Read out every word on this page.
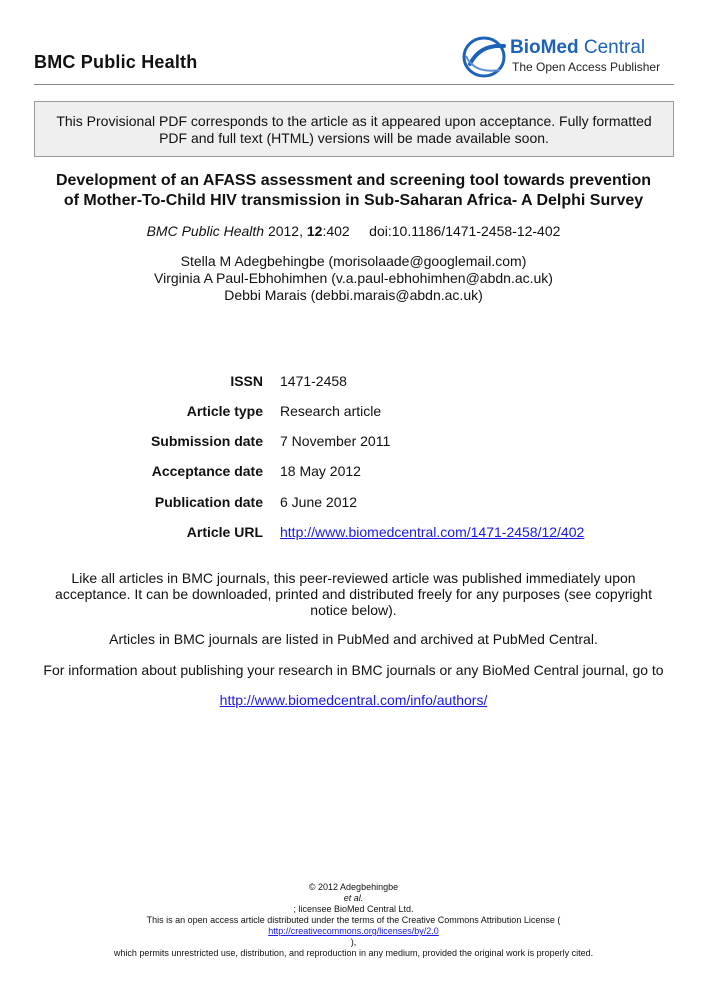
BMC Public Health
BioMed Central
The Open Access Publisher
This Provisional PDF corresponds to the article as it appeared upon acceptance. Fully formatted
PDF and full text (HTML) versions will be made available soon.
Development of an AFASS assessment and screening tool towards prevention
of Mother-To-Child HIV transmission in Sub-Saharan Africa- A Delphi Survey
BMC Public Health 2012, 12:402 doi:10.1186/1471-2458-12-402
Stella M Adegbehingbe (morisolaade@googlemail.com)
Virginia A Paul-Ebhohimhen (v.a.paul-ebhohimhen@abdn.ac.uk)
Debbi Marais (debbi.marais@abdn.ac.uk)
ISSN 1471-2458
Article type Research article
Submission date 7 November 2011
Acceptance date 18 May 2012
Publication date 6 June 2012
Article URL http://www.biomedcentral.com/1471-2458/12/402
Like all articles in BMC journals, this peer-reviewed article was published immediately upon
acceptance. It can be downloaded, printed and distributed freely for any purposes (see copyright
notice below).
Articles in BMC journals are listed in PubMed and archived at PubMed Central.
For information about publishing your research in BMC journals or any BioMed Central journal, go to
http://www.biomedcentral.com/info/authors/
© 2012 Adegbehingbe
et al.
; licensee BioMed Central Ltd.
This is an open access article distributed under the terms of the Creative Commons Attribution License (
http://creativecommons.org/licenses/by/2.0
),
which permits unrestricted use, distribution, and reproduction in any medium, provided the original work is properly cited.
